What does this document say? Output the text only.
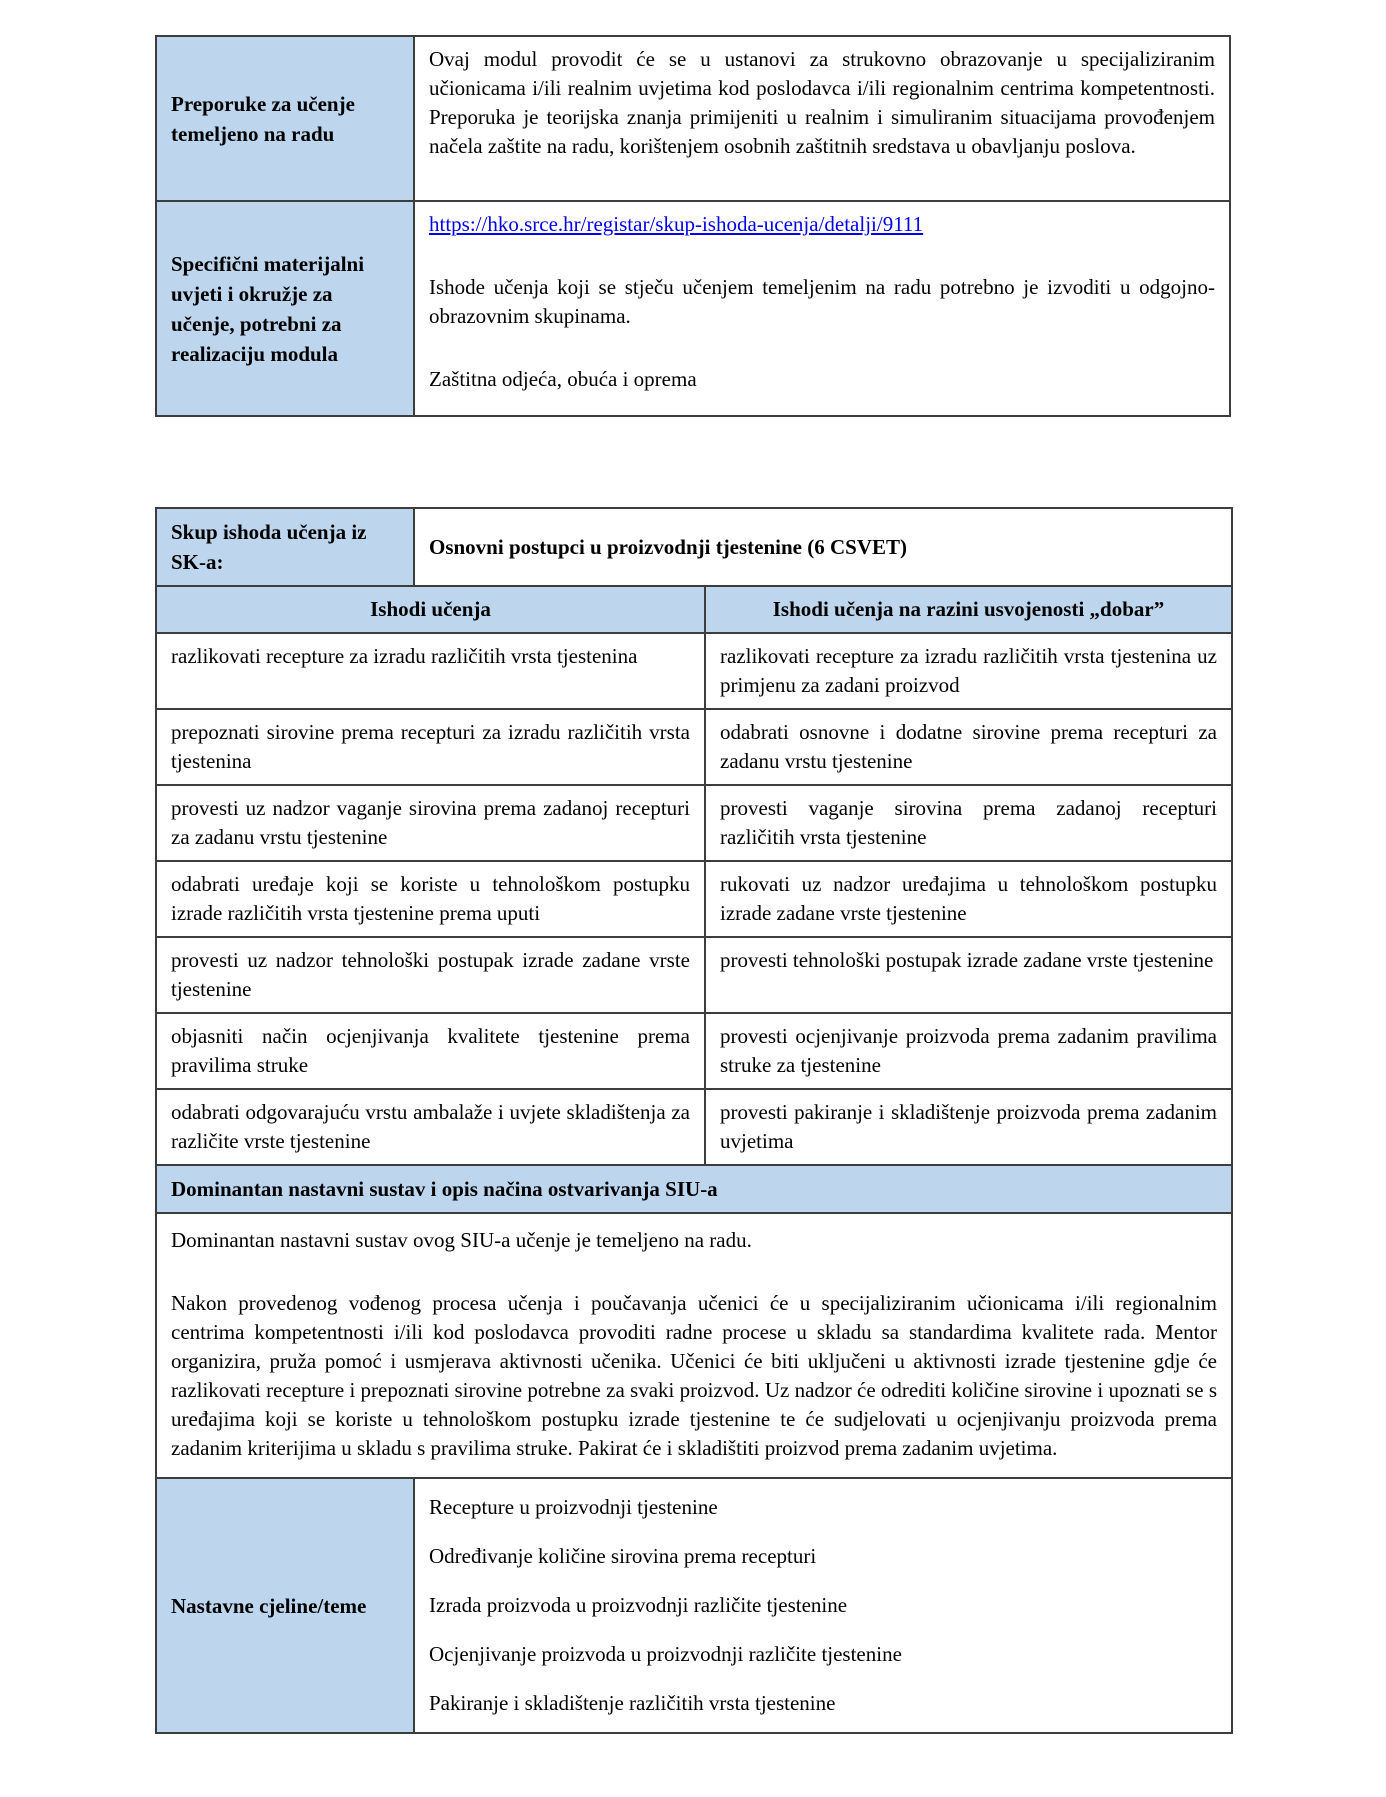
Preporuke za učenje temeljeno na radu	Ovaj modul provodit će se u ustanovi za strukovno obrazovanje u specijaliziranim učionicama i/ili realnim uvjetima kod poslodavca i/ili regionalnim centrima kompetentnosti. Preporuka je teorijska znanja primijeniti u realnim i simuliranim situacijama provođenjem načela zaštite na radu, korištenjem osobnih zaštitnih sredstava u obavljanju poslova.
Specifični materijalni uvjeti i okružje za učenje, potrebni za realizaciju modula	https://hko.srce.hr/registar/skup-ishoda-ucenja/detalji/9111

Ishode učenja koji se stječu učenjem temeljenim na radu potrebno je izvoditi u odgojno-obrazovnim skupinama.

Zaštitna odjeća, obuća i oprema

Skup ishoda učenja iz SK-a:	Osnovni postupci u proizvodnji tjestenine (6 CSVET)	
Ishodi učenja		Ishodi učenja na razini usvojenosti „dobar”
razlikovati recepture za izradu različitih vrsta tjestenina		razlikovati recepture za izradu različitih vrsta tjestenina uz primjenu za zadani proizvod
prepoznati sirovine prema recepturi za izradu različitih vrsta tjestenina		odabrati osnovne i dodatne sirovine prema recepturi za zadanu vrstu tjestenine
provesti uz nadzor vaganje sirovina prema zadanoj recepturi za zadanu vrstu tjestenine		provesti vaganje sirovina prema zadanoj recepturi različitih vrsta tjestenine
odabrati uređaje koji se koriste u tehnološkom postupku izrade različitih vrsta tjestenine prema uputi		rukovati uz nadzor uređajima u tehnološkom postupku izrade zadane vrste tjestenine
provesti uz nadzor tehnološki postupak izrade zadane vrste tjestenine		provesti tehnološki postupak izrade zadane vrste tjestenine
objasniti način ocjenjivanja kvalitete tjestenine prema pravilima struke		provesti ocjenjivanje proizvoda prema zadanim pravilima struke za tjestenine
odabrati odgovarajuću vrstu ambalaže i uvjete skladištenja za različite vrste tjestenine		provesti pakiranje i skladištenje proizvoda prema zadanim uvjetima
Dominantan nastavni sustav i opis načina ostvarivanja SIU-a		

Dominantan nastavni sustav ovog SIU-a učenje je temeljeno na radu.

Nakon provedenog vođenog procesa učenja i poučavanja učenici će u specijaliziranim učionicama i/ili regionalnim centrima kompetentnosti i/ili kod poslodavca provoditi radne procese u skladu sa standardima kvalitete rada. Mentor organizira, pruža pomoć i usmjerava aktivnosti učenika. Učenici će biti uključeni u aktivnosti izrade tjestenine gdje će razlikovati recepture i prepoznati sirovine potrebne za svaki proizvod. Uz nadzor će odrediti količine sirovine i upoznati se s uređajima koji se koriste u tehnološkom postupku izrade tjestenine te će sudjelovati u ocjenjivanju proizvoda prema zadanim kriterijima u skladu s pravilima struke. Pakirat će i skladištiti proizvod prema zadanim uvjetima.		

Nastavne cjeline/teme	Recepture u proizvodnji tjestenine

Određivanje količine sirovina prema recepturi

Izrada proizvoda u proizvodnji različite tjestenine

Ocjenjivanje proizvoda u proizvodnji različite tjestenine

Pakiranje i skladištenje različitih vrsta tjestenine	
